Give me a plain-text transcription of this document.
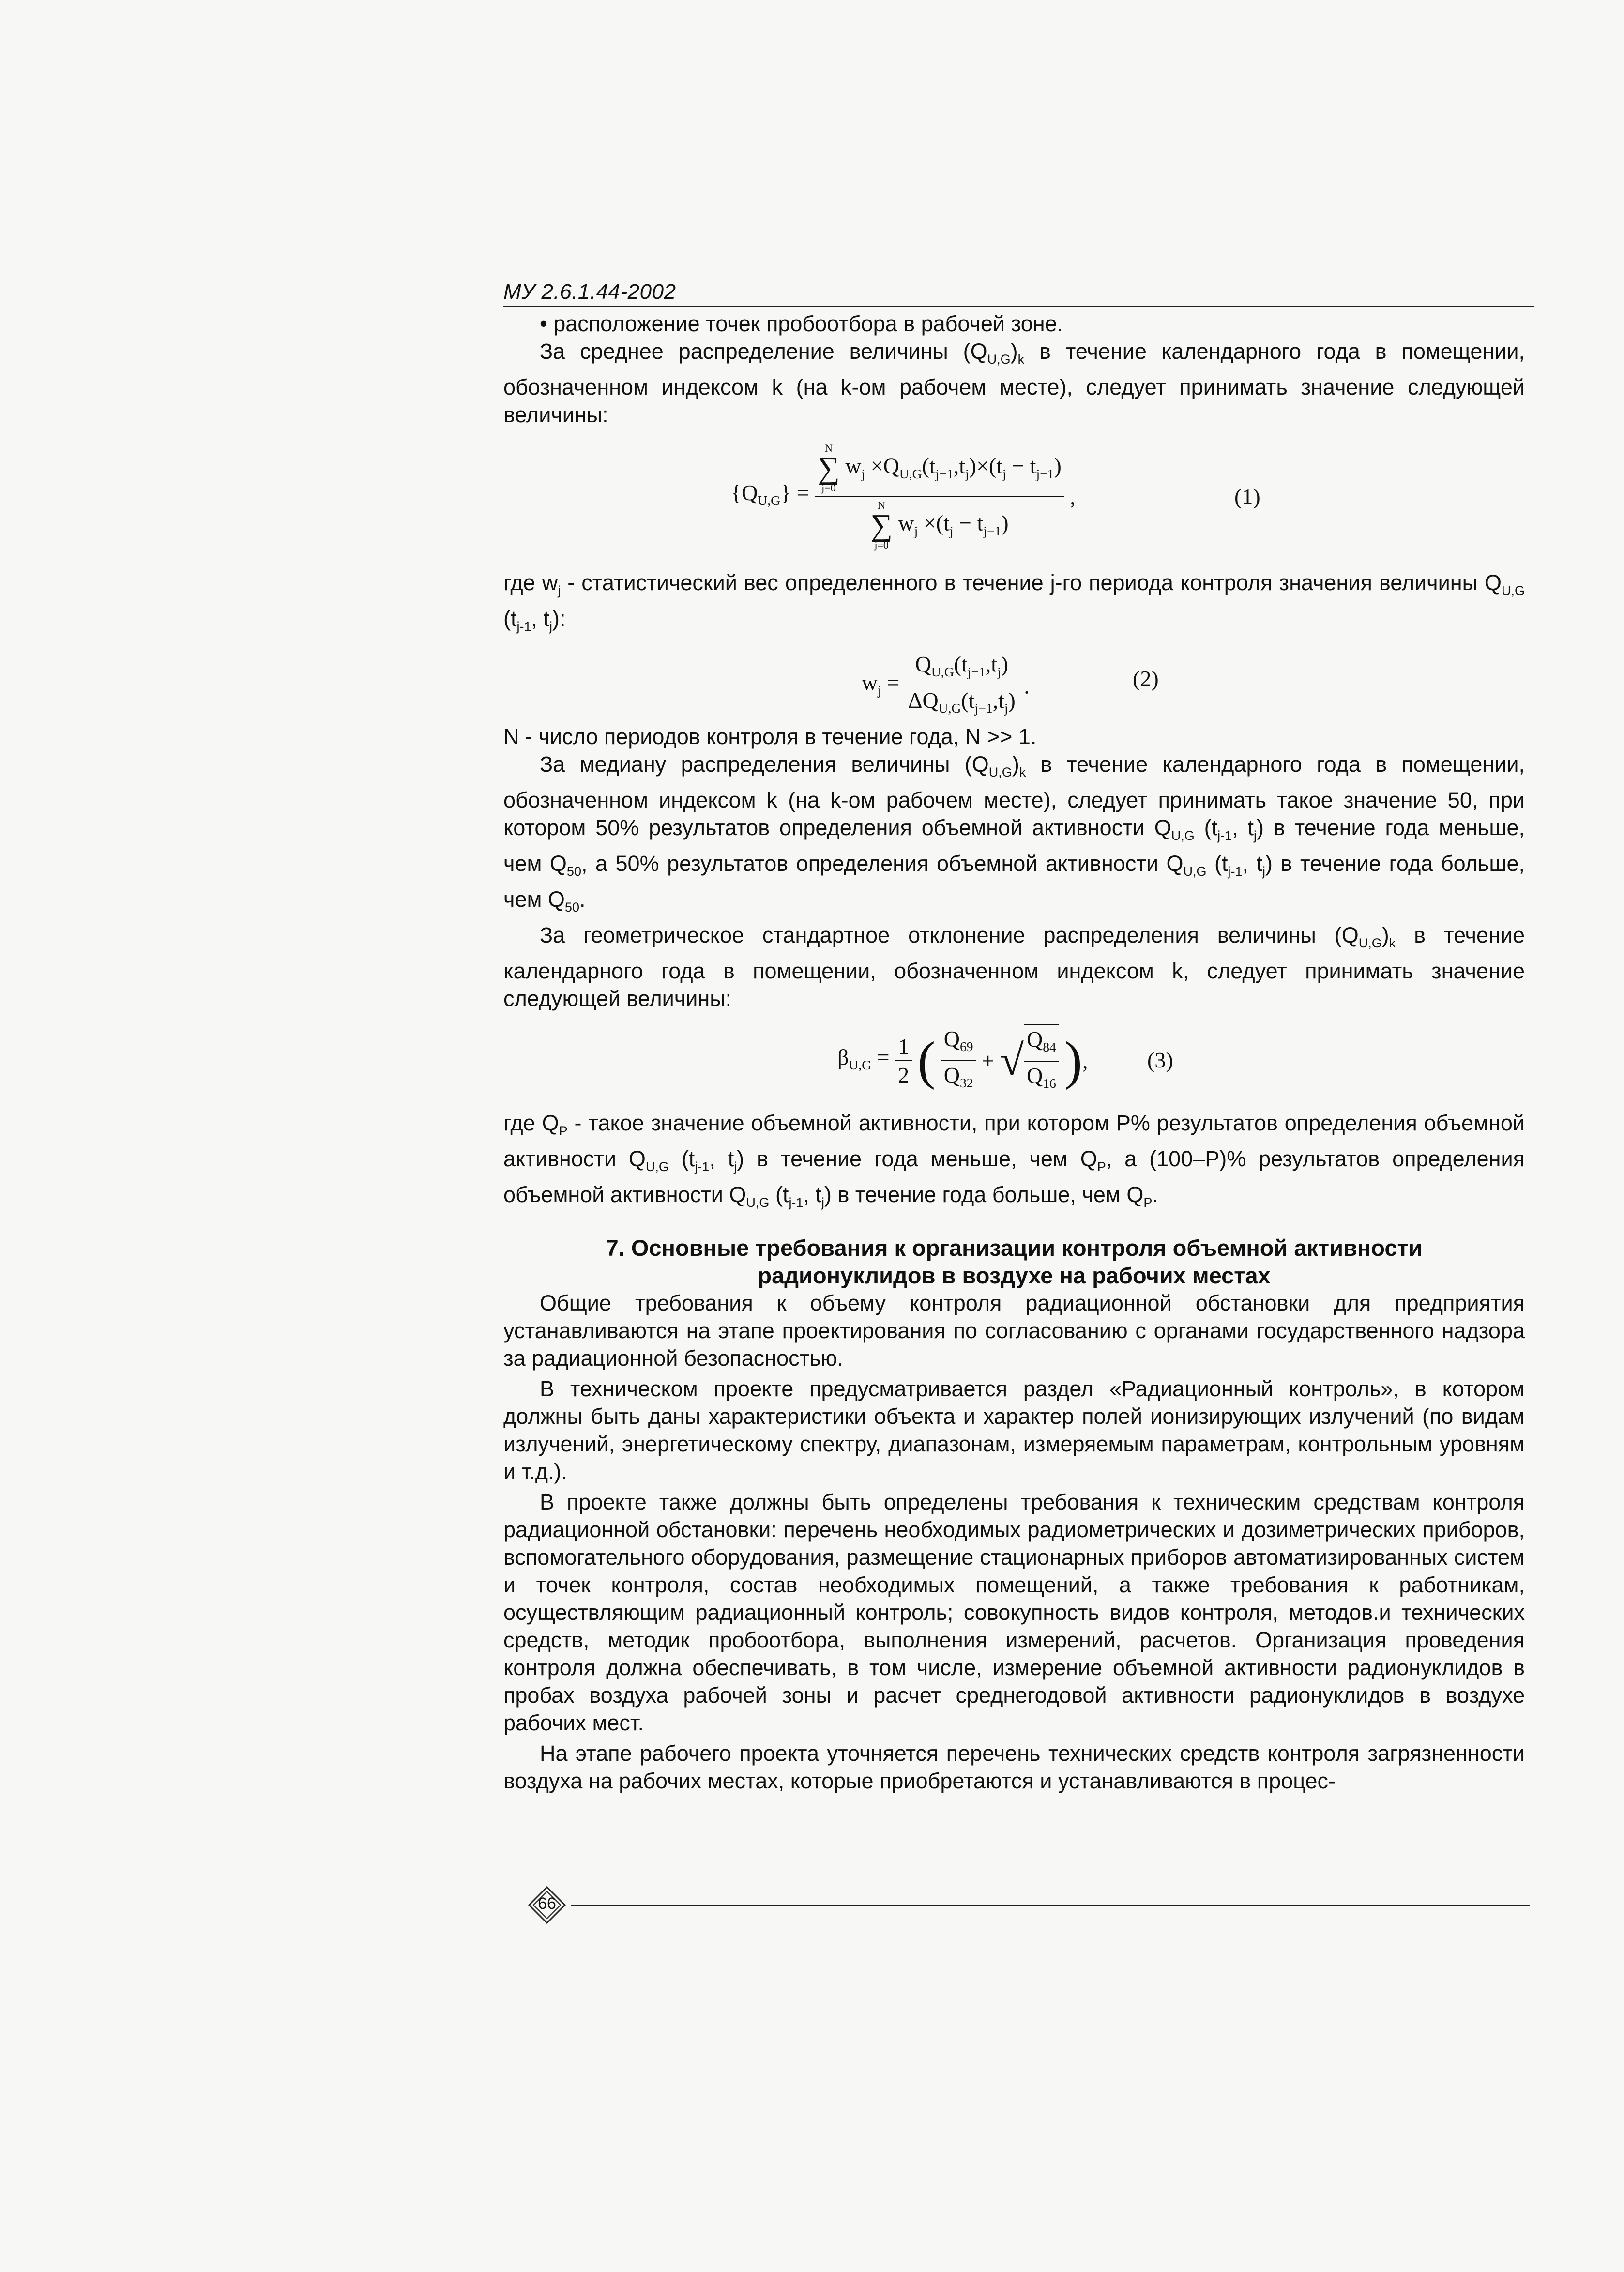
МУ 2.6.1.44-2002

• расположение точек пробоотбора в рабочей зоне.

За среднее распределение величины $(Q_{U,G})_k$ в течение календарного года в помещении, обозначенном индексом k (на k-ом рабочем месте), следует принимать значение следующей величины:

$\{Q_{U,G}\} = N$
∑
j=0
$w_j \times Q_{U,G}(t_{j-1},t_j)\times(t_j - t_{j-1})$
N
∑
j=0
$w_j \times(t_j - t_{j-1})$ ,	(1)

где $w_j$ - статистический вес определенного в течение j-го периода контроля значения величины $Q_{U,G}$ ($t_{j-1}$, $t_j$):

$w_j = \frac{Q_{U,G}(t_{j-1},t_j)}{\Delta Q_{U,G}(t_{j-1},t_j)}$ .	(2)

N - число периодов контроля в течение года, N >> 1.

За медиану распределения величины $(Q_{U,G})_k$ в течение календарного года в помещении, обозначенном индексом k (на k-ом рабочем месте), следует принимать такое значение 50, при котором 50% результатов определения объемной активности $Q_{U,G}$ ($t_{j-1}$, $t_j$) в течение года меньше, чем $Q_{50}$, а 50% результатов определения объемной активности $Q_{U,G}$ ($t_{j-1}$, $t_j$) в течение года больше, чем $Q_{50}$.

За геометрическое стандартное отклонение распределения величины $(Q_{U,G})_k$ в течение календарного года в помещении, обозначенном индексом k, следует принимать значение следующей величины:

$\beta_{U,G} = \frac{1}{2}$ ( $\frac{Q_{69}}{Q_{32}}$ + √ $\frac{Q_{84}}{Q_{16}}$ ),	(3)

где $Q_P$ - такое значение объемной активности, при котором Р% результатов определения объемной активности $Q_{U,G}$ ($t_{j-1}$, $t_j$) в течение года меньше, чем $Q_P$, а (100–Р)% результатов определения объемной активности $Q_{U,G}$ ($t_{j-1}$, $t_j$) в течение года больше, чем $Q_P$.

7. Основные требования к организации контроля объемной активности
радионуклидов в воздухе на рабочих местах

Общие требования к объему контроля радиационной обстановки для предприятия устанавливаются на этапе проектирования по согласованию с органами государственного надзора за радиационной безопасностью.

В техническом проекте предусматривается раздел «Радиационный контроль», в котором должны быть даны характеристики объекта и характер полей ионизирующих излучений (по видам излучений, энергетическому спектру, диапазонам, измеряемым параметрам, контрольным уровням и т.д.).

В проекте также должны быть определены требования к техническим средствам контроля радиационной обстановки: перечень необходимых радиометрических и дозиметрических приборов, вспомогательного оборудования, размещение стационарных приборов автоматизированных систем и точек контроля, состав необходимых помещений, а также требования к работникам, осуществляющим радиационный контроль; совокупность видов контроля, методов.и технических средств, методик пробоотбора, выполнения измерений, расчетов. Организация проведения контроля должна обеспечивать, в том числе, измерение объемной активности радионуклидов в пробах воздуха рабочей зоны и расчет среднегодовой активности радионуклидов в воздухе рабочих мест.

На этапе рабочего проекта уточняется перечень технических средств контроля загрязненности воздуха на рабочих местах, которые приобретаются и устанавливаются в процес-

66
